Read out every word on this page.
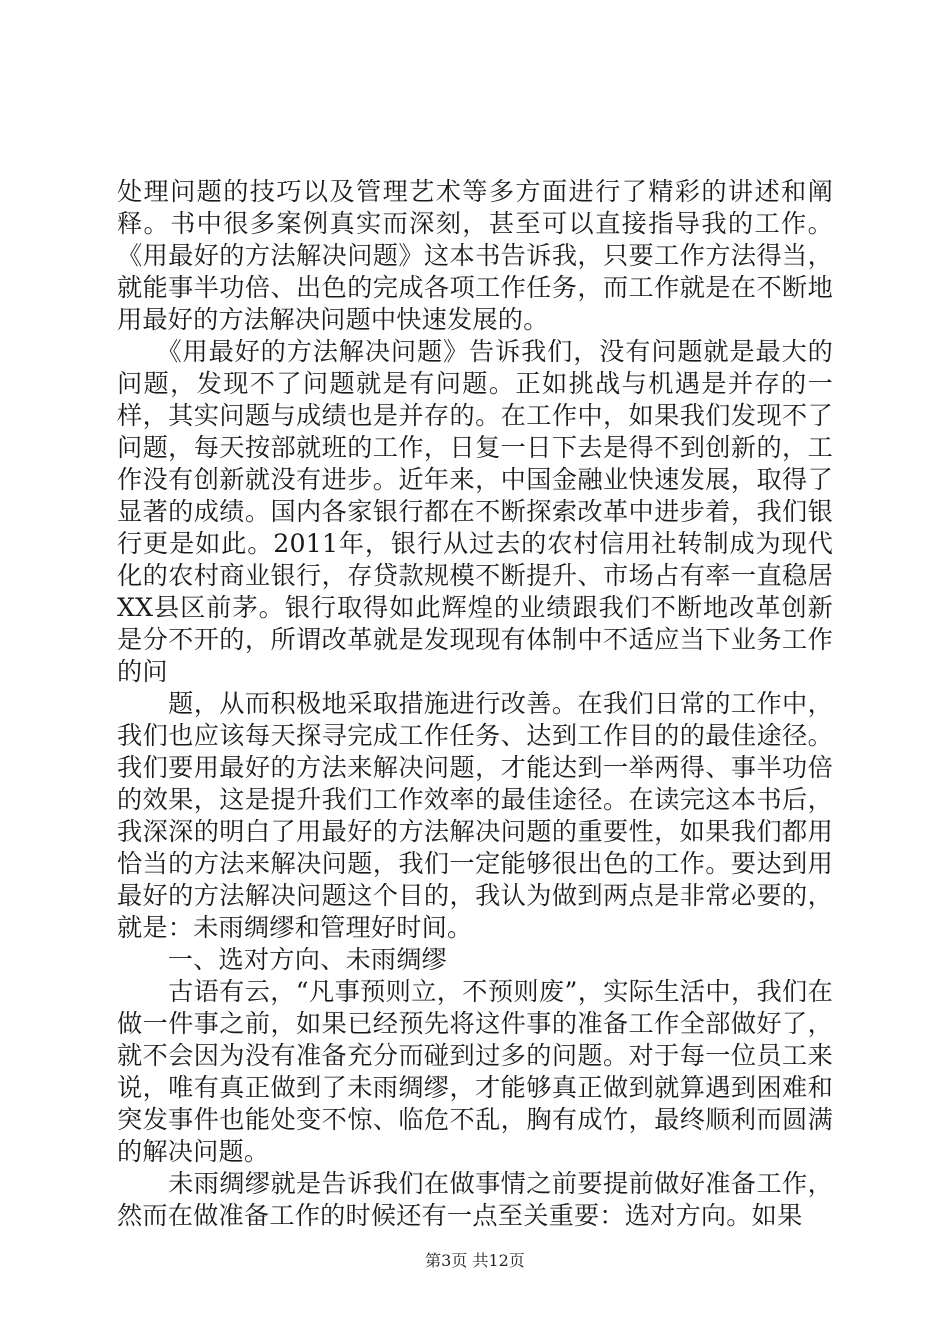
处理问题的技巧以及管理艺术等多方面进行了精彩的讲述和阐释。书中很多案例真实而深刻，甚至可以直接指导我的工作。《用最好的方法解决问题》这本书告诉我，只要工作方法得当，就能事半功倍、出色的完成各项工作任务，而工作就是在不断地用最好的方法解决问题中快速发展的。

　　《用最好的方法解决问题》告诉我们，没有问题就是最大的问题，发现不了问题就是有问题。正如挑战与机遇是并存的一样，其实问题与成绩也是并存的。在工作中，如果我们发现不了问题，每天按部就班的工作，日复一日下去是得不到创新的，工作没有创新就没有进步。近年来，中国金融业快速发展，取得了显著的成绩。国内各家银行都在不断探索改革中进步着，我们银行更是如此。2011年，银行从过去的农村信用社转制成为现代化的农村商业银行，存贷款规模不断提升、市场占有率一直稳居XX县区前茅。银行取得如此辉煌的业绩跟我们不断地改革创新是分不开的，所谓改革就是发现现有体制中不适应当下业务工作的问

　　题，从而积极地采取措施进行改善。在我们日常的工作中，我们也应该每天探寻完成工作任务、达到工作目的的最佳途径。我们要用最好的方法来解决问题，才能达到一举两得、事半功倍的效果，这是提升我们工作效率的最佳途径。在读完这本书后，我深深的明白了用最好的方法解决问题的重要性，如果我们都用恰当的方法来解决问题，我们一定能够很出色的工作。要达到用最好的方法解决问题这个目的，我认为做到两点是非常必要的，就是：未雨绸缪和管理好时间。

　　一、选对方向、未雨绸缪

　　古语有云，“凡事预则立，不预则废”，实际生活中，我们在做一件事之前，如果已经预先将这件事的准备工作全部做好了，就不会因为没有准备充分而碰到过多的问题。对于每一位员工来说，唯有真正做到了未雨绸缪，才能够真正做到就算遇到困难和突发事件也能处变不惊、临危不乱，胸有成竹，最终顺利而圆满的解决问题。

　　未雨绸缪就是告诉我们在做事情之前要提前做好准备工作，然而在做准备工作的时候还有一点至关重要：选对方向。如果

第3页 共12页
